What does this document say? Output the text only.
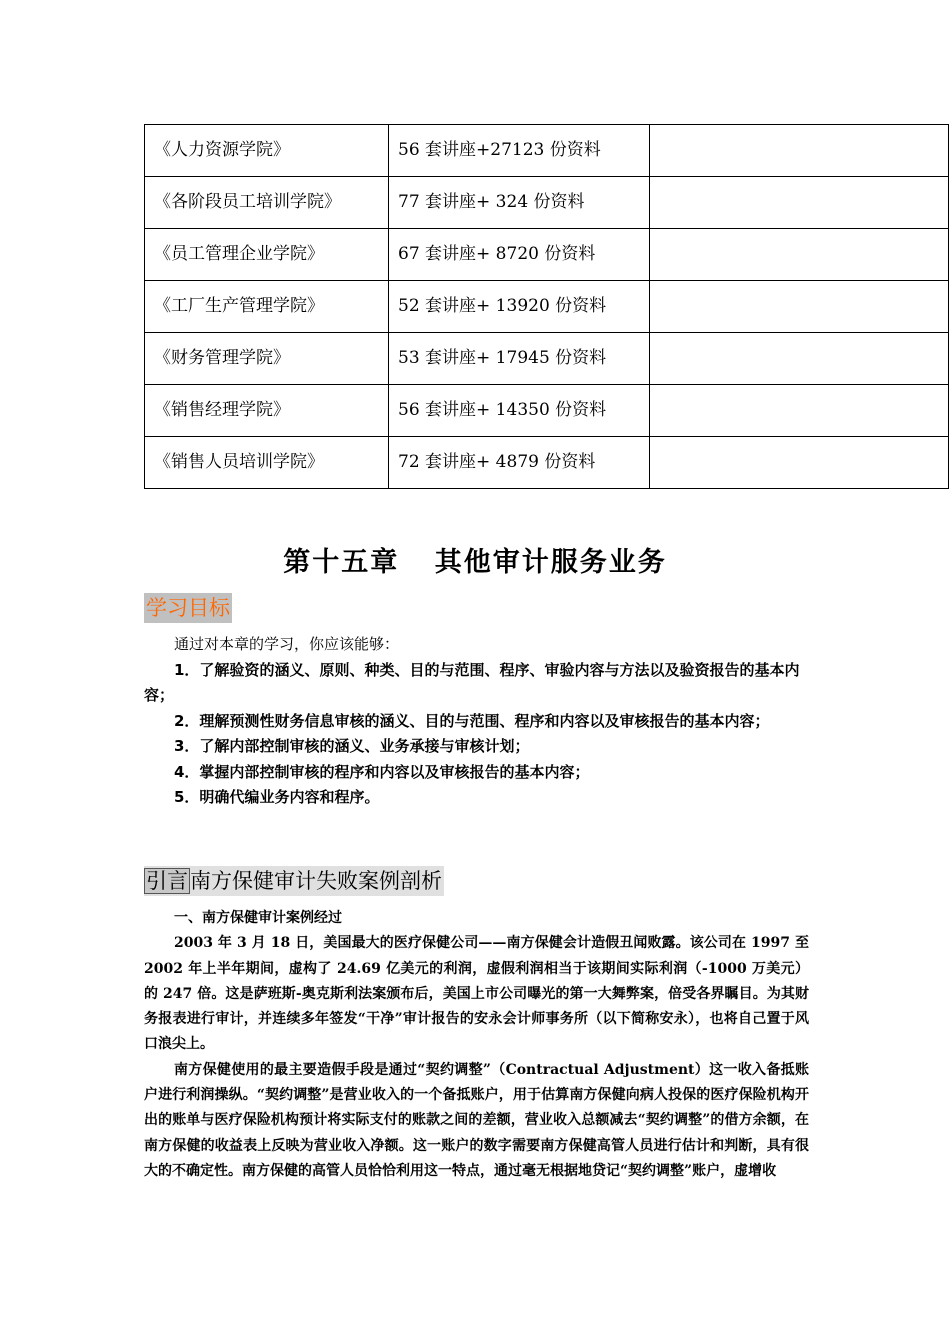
《人力资源学院》	56 套讲座+27123 份资料	
《各阶段员工培训学院》	77 套讲座+ 324 份资料	
《员工管理企业学院》	67 套讲座+ 8720 份资料	
《工厂生产管理学院》	52 套讲座+ 13920 份资料	
《财务管理学院》	53 套讲座+ 17945 份资料	
《销售经理学院》	56 套讲座+ 14350 份资料	
《销售人员培训学院》	72 套讲座+ 4879 份资料	
第十五章 其他审计服务业务
学习目标

通过对本章的学习，你应该能够：

1．了解验资的涵义、原则、种类、目的与范围、程序、审验内容与方法以及验资报告的基本内容；

2．理解预测性财务信息审核的涵义、目的与范围、程序和内容以及审核报告的基本内容；

3．了解内部控制审核的涵义、业务承接与审核计划；

4．掌握内部控制审核的程序和内容以及审核报告的基本内容；

5．明确代编业务内容和程序。

引言南方保健审计失败案例剖析

一、南方保健审计案例经过

2003 年 3 月 18 日，美国最大的医疗保健公司——南方保健会计造假丑闻败露。该公司在 1997 至 2002 年上半年期间，虚构了 24.69 亿美元的利润，虚假利润相当于该期间实际利润（-1000 万美元）的 247 倍。这是萨班斯-奥克斯利法案颁布后，美国上市公司曝光的第一大舞弊案，倍受各界瞩目。为其财务报表进行审计，并连续多年签发“干净”审计报告的安永会计师事务所（以下简称安永），也将自己置于风口浪尖上。

南方保健使用的最主要造假手段是通过“契约调整”（Contractual Adjustment）这一收入备抵账户进行利润操纵。“契约调整”是营业收入的一个备抵账户，用于估算南方保健向病人投保的医疗保险机构开出的账单与医疗保险机构预计将实际支付的账款之间的差额，营业收入总额减去“契约调整”的借方余额，在南方保健的收益表上反映为营业收入净额。这一账户的数字需要南方保健高管人员进行估计和判断，具有很大的不确定性。南方保健的高管人员恰恰利用这一特点，通过毫无根据地贷记“契约调整”账户，虚增收
